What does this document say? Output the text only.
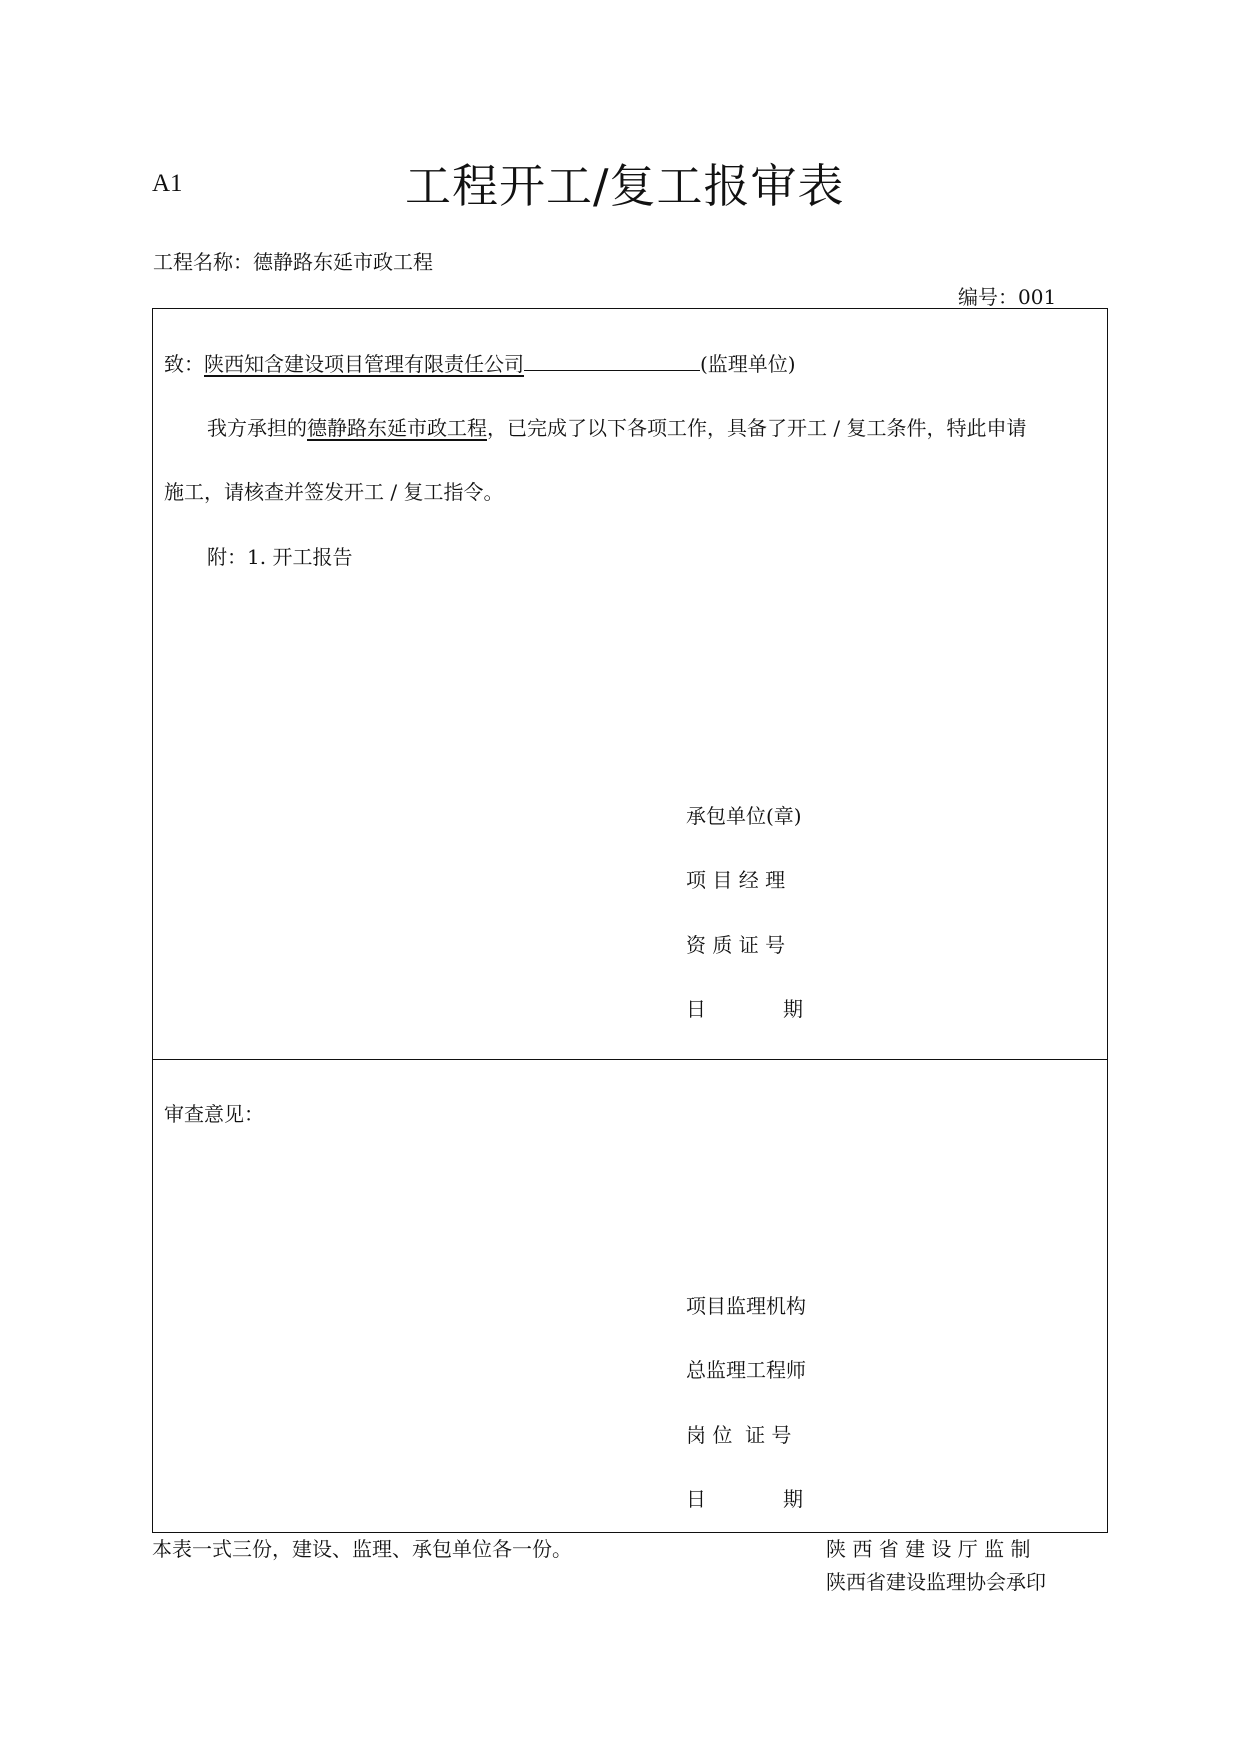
A1	工程开工/复工报审表
工程名称：德静路东延市政工程
编号：001
致：陕西知含建设项目管理有限责任公司	(监理单位)
我方承担的德静路东延市政工程，已完成了以下各项工作，具备了开工 / 复工条件，特此申请
施工，请核查并签发开工 / 复工指令。
附：1. 开工报告
承包单位(章)
项 目 经 理
资 质 证 号
日	期
审查意见：
项目监理机构
总监理工程师
岗 位  证 号
日	期
本表一式三份，建设、监理、承包单位各一份。	陕 西 省 建 设 厅 监 制
陕西省建设监理协会承印
